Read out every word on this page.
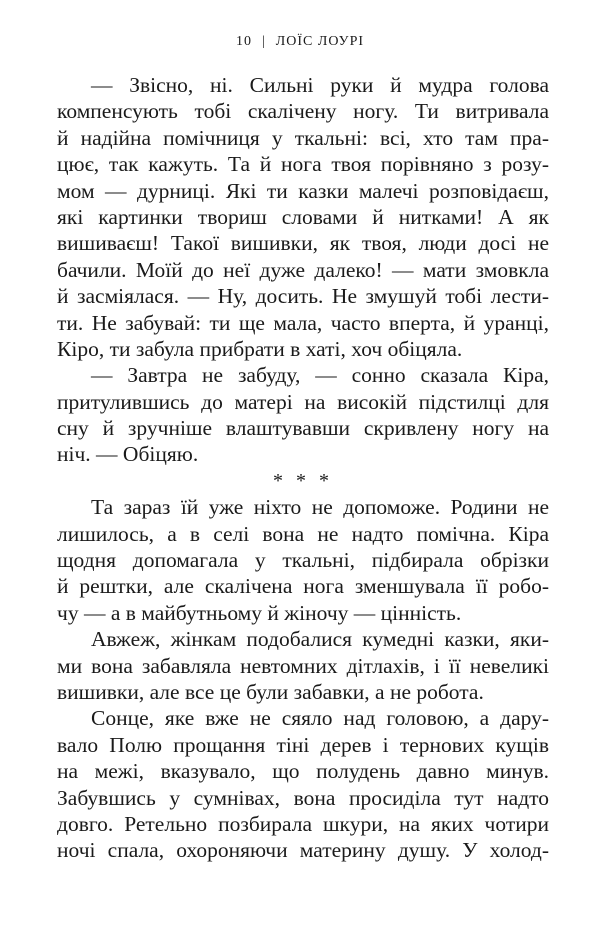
10 | ЛОЇС ЛОУРІ
— Звісно, ні. Сильні руки й мудра голова
компенсують тобі скалічену ногу. Ти витривала
й надійна помічниця у ткальні: всі, хто там пра-
цює, так кажуть. Та й нога твоя порівняно з розу-
мом — дурниці. Які ти казки малечі розповідаєш,
які картинки твориш словами й нитками! А як
вишиваєш! Такої вишивки, як твоя, люди досі не
бачили. Моїй до неї дуже далеко! — мати змовкла
й засміялася. — Ну, досить. Не змушуй тобі лести-
ти. Не забувай: ти ще мала, часто вперта, й уранці,
Кіро, ти забула прибрати в хаті, хоч обіцяла.
— Завтра не забуду, — сонно сказала Кіра,
притулившись до матері на високій підстилці для
сну й зручніше влаштувавши скривлену ногу на
ніч. — Обіцяю.
* * *
Та зараз їй уже ніхто не допоможе. Родини не
лишилось, а в селі вона не надто помічна. Кіра
щодня допомагала у ткальні, підбирала обрізки
й рештки, але скалічена нога зменшувала її робо-
чу — а в майбутньому й жіночу — цінність.
Авжеж, жінкам подобалися кумедні казки, яки-
ми вона забавляла невтомних дітлахів, і її невеликі
вишивки, але все це були забавки, а не робота.
Сонце, яке вже не сяяло над головою, а дару-
вало Полю прощання тіні дерев і тернових кущів
на межі, вказувало, що полудень давно минув.
Забувшись у сумнівах, вона просиділа тут надто
довго. Ретельно позбирала шкури, на яких чотири
ночі спала, охороняючи материну душу. У холод-
